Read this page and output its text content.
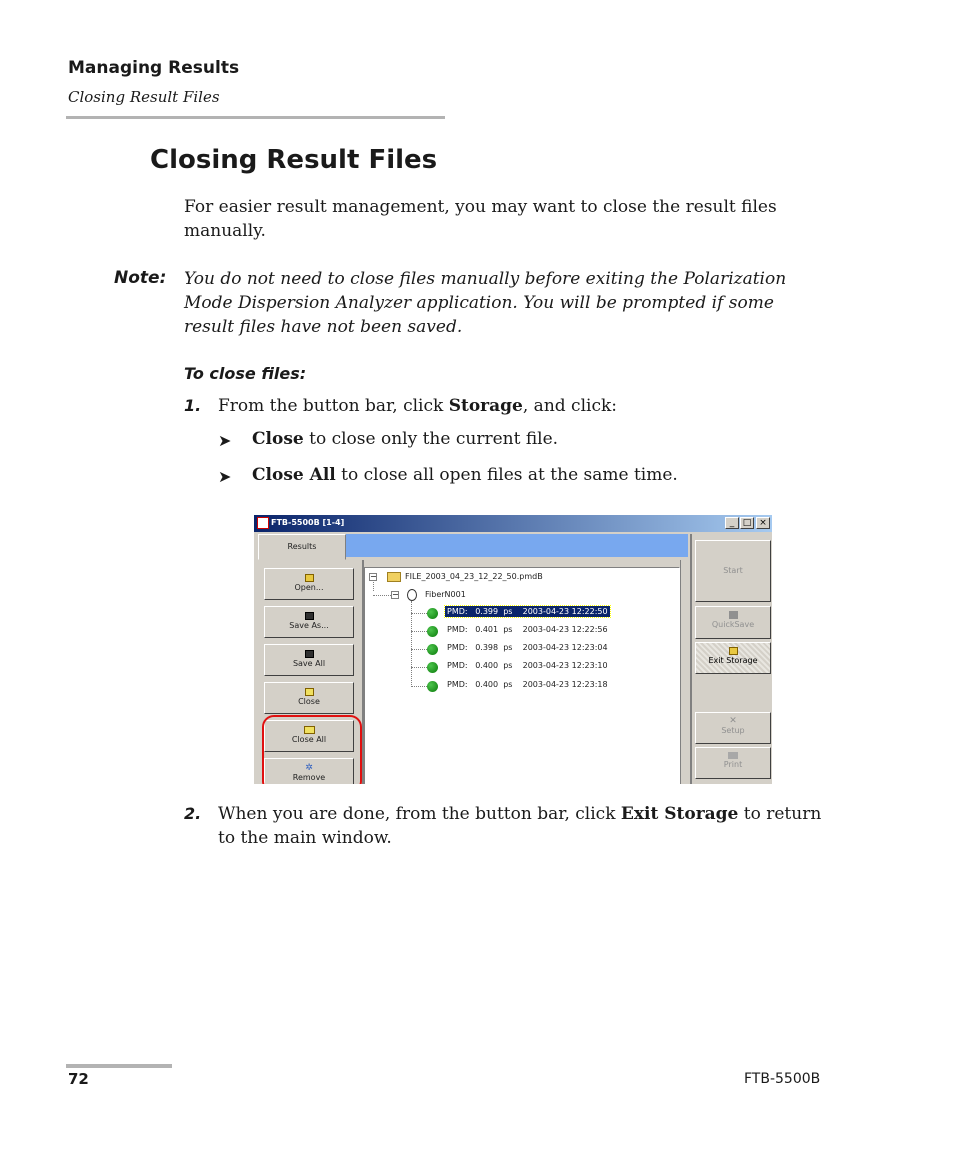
Managing Results
Closing Result Files
Closing Result Files

For easier result management, you may want to close the result files manually.

Note: You do not need to close files manually before exiting the Polarization Mode Dispersion Analyzer application. You will be prompted if some result files have not been saved.

To close files:
1. From the button bar, click Storage, and click:

➤ Close to close only the current file.
➤ Close All to close all open files at the same time.
FTB-5500B [1-4]	_ □ ×
Results
Open...
Save As...
Save All
Close
Close All
✲
Remove
−	FILE_2003_04_23_12_22_50.pmdB
−	FiberN001
PMD:   0.399  ps    2003-04-23 12:22:50
PMD:   0.401  ps    2003-04-23 12:22:56
PMD:   0.398  ps    2003-04-23 12:23:04
PMD:   0.400  ps    2003-04-23 12:23:10
PMD:   0.400  ps    2003-04-23 12:23:18
Start
QuickSave
Exit Storage
✕
Setup
Print
2. When you are done, from the button bar, click Exit Storage to return to the main window.

72	FTB-5500B
